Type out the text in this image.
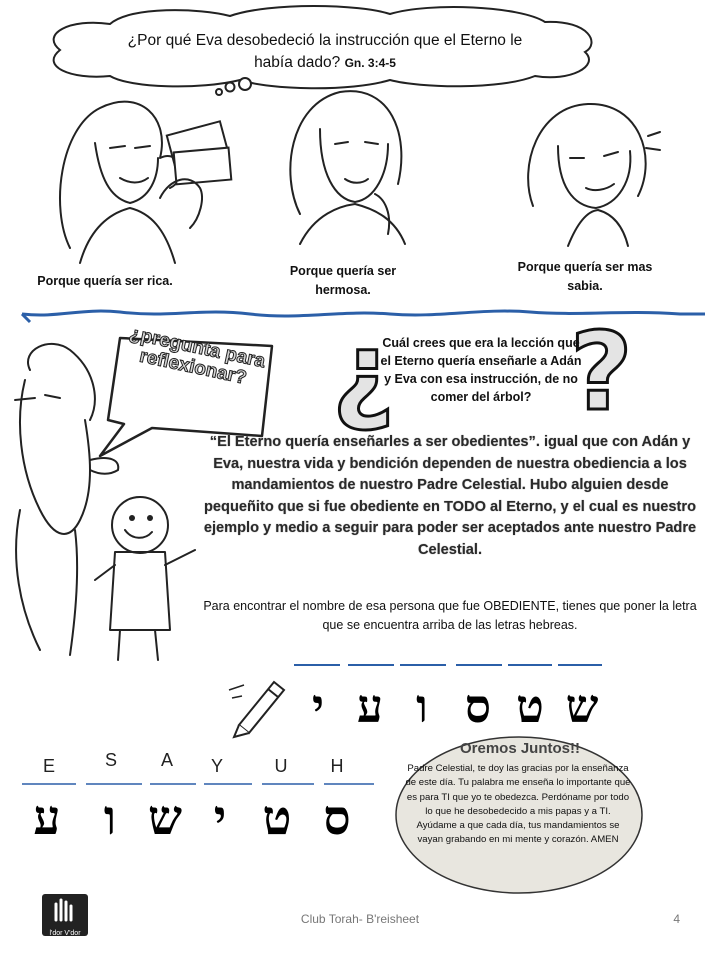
¿Por qué Eva desobedeció la instrucción que el Eterno le había dado? Gn. 3:4-5
Porque quería ser rica.
Porque quería ser hermosa.
Porque quería ser mas sabia.
¿pregunta para reflexionar? ¿ ?
Cuál crees que era la lección que el Eterno quería enseñarle a Adán y Eva con esa instrucción, de no comer del árbol?
“El Eterno quería enseñarles a ser obedientes”. igual que con Adán y Eva, nuestra vida y bendición dependen de nuestra obediencia a los mandamientos de nuestro Padre Celestial. Hubo alguien desde pequeñito que si fue obediente en TODO al Eterno, y el cual es nuestro ejemplo y medio a seguir para poder ser aceptados ante nuestro Padre Celestial.
Para encontrar el nombre de esa persona que fue OBEDIENTE, tienes que poner la letra que se encuentra arriba de las letras hebreas.
י ע ו ס ט ש
E	S	A	Y	U	H
ע ו ש י ט ס
Oremos Juntos!!
Padre Celestial, te doy las gracias por la enseñanza de este día. Tu palabra me enseña lo importante que es para TI que yo te obedezca. Perdóname por todo lo que he desobedecido a mis papas y a TI. Ayúdame a que cada día, tus mandamientos se vayan grabando en mi mente y corazón. AMEN
l'dor V'dor
Club Torah- B'reisheet	4
